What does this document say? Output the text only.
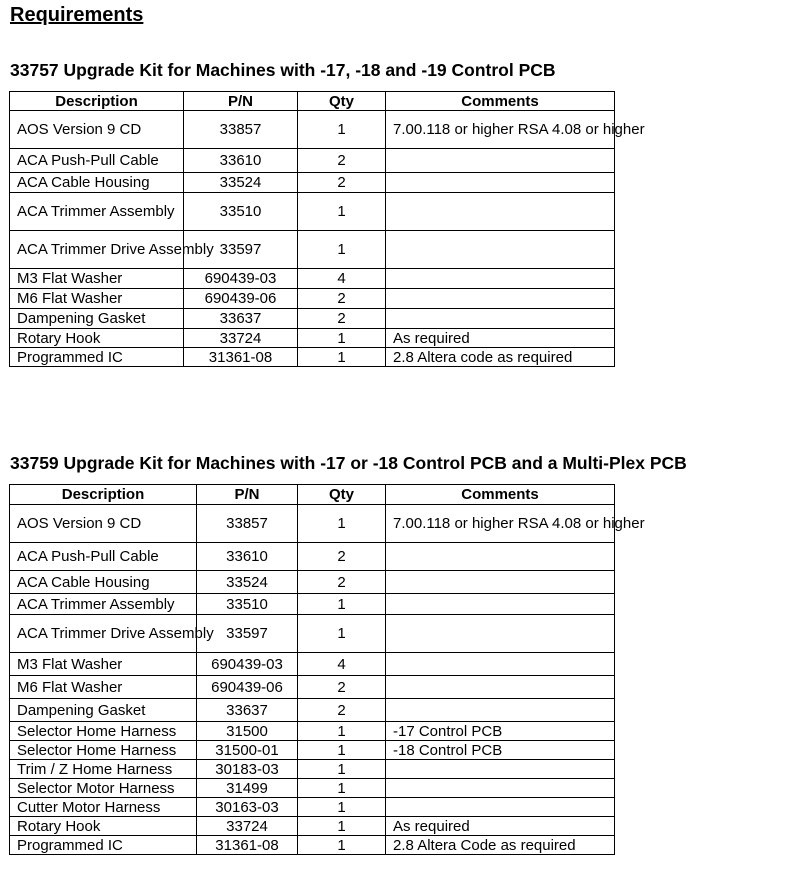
Requirements
33757 Upgrade Kit for Machines with -17, -18 and -19 Control PCB
Description	P/N	Qty	Comments
AOS Version 9 CD	33857	1	7.00.118 or higher RSA 4.08 or higher
ACA Push-Pull Cable	33610	2	
ACA Cable Housing	33524	2	
ACA Trimmer Assembly	33510	1	
ACA Trimmer Drive Assembly	33597	1	
M3 Flat Washer	690439-03	4	
M6 Flat Washer	690439-06	2	
Dampening Gasket	33637	2	
Rotary Hook	33724	1	As required
Programmed IC	31361-08	1	2.8 Altera code as required
33759 Upgrade Kit for Machines with -17 or -18 Control PCB and a Multi-Plex PCB
Description	P/N	Qty	Comments
AOS Version 9 CD	33857	1	7.00.118 or higher RSA 4.08 or higher
ACA Push-Pull Cable	33610	2	
ACA Cable Housing	33524	2	
ACA Trimmer Assembly	33510	1	
ACA Trimmer Drive Assembly	33597	1	
M3 Flat Washer	690439-03	4	
M6 Flat Washer	690439-06	2	
Dampening Gasket	33637	2	
Selector Home Harness	31500	1	-17 Control PCB
Selector Home Harness	31500-01	1	-18 Control PCB
Trim / Z Home Harness	30183-03	1	
Selector Motor Harness	31499	1	
Cutter Motor Harness	30163-03	1	
Rotary Hook	33724	1	As required
Programmed IC	31361-08	1	2.8 Altera Code as required
